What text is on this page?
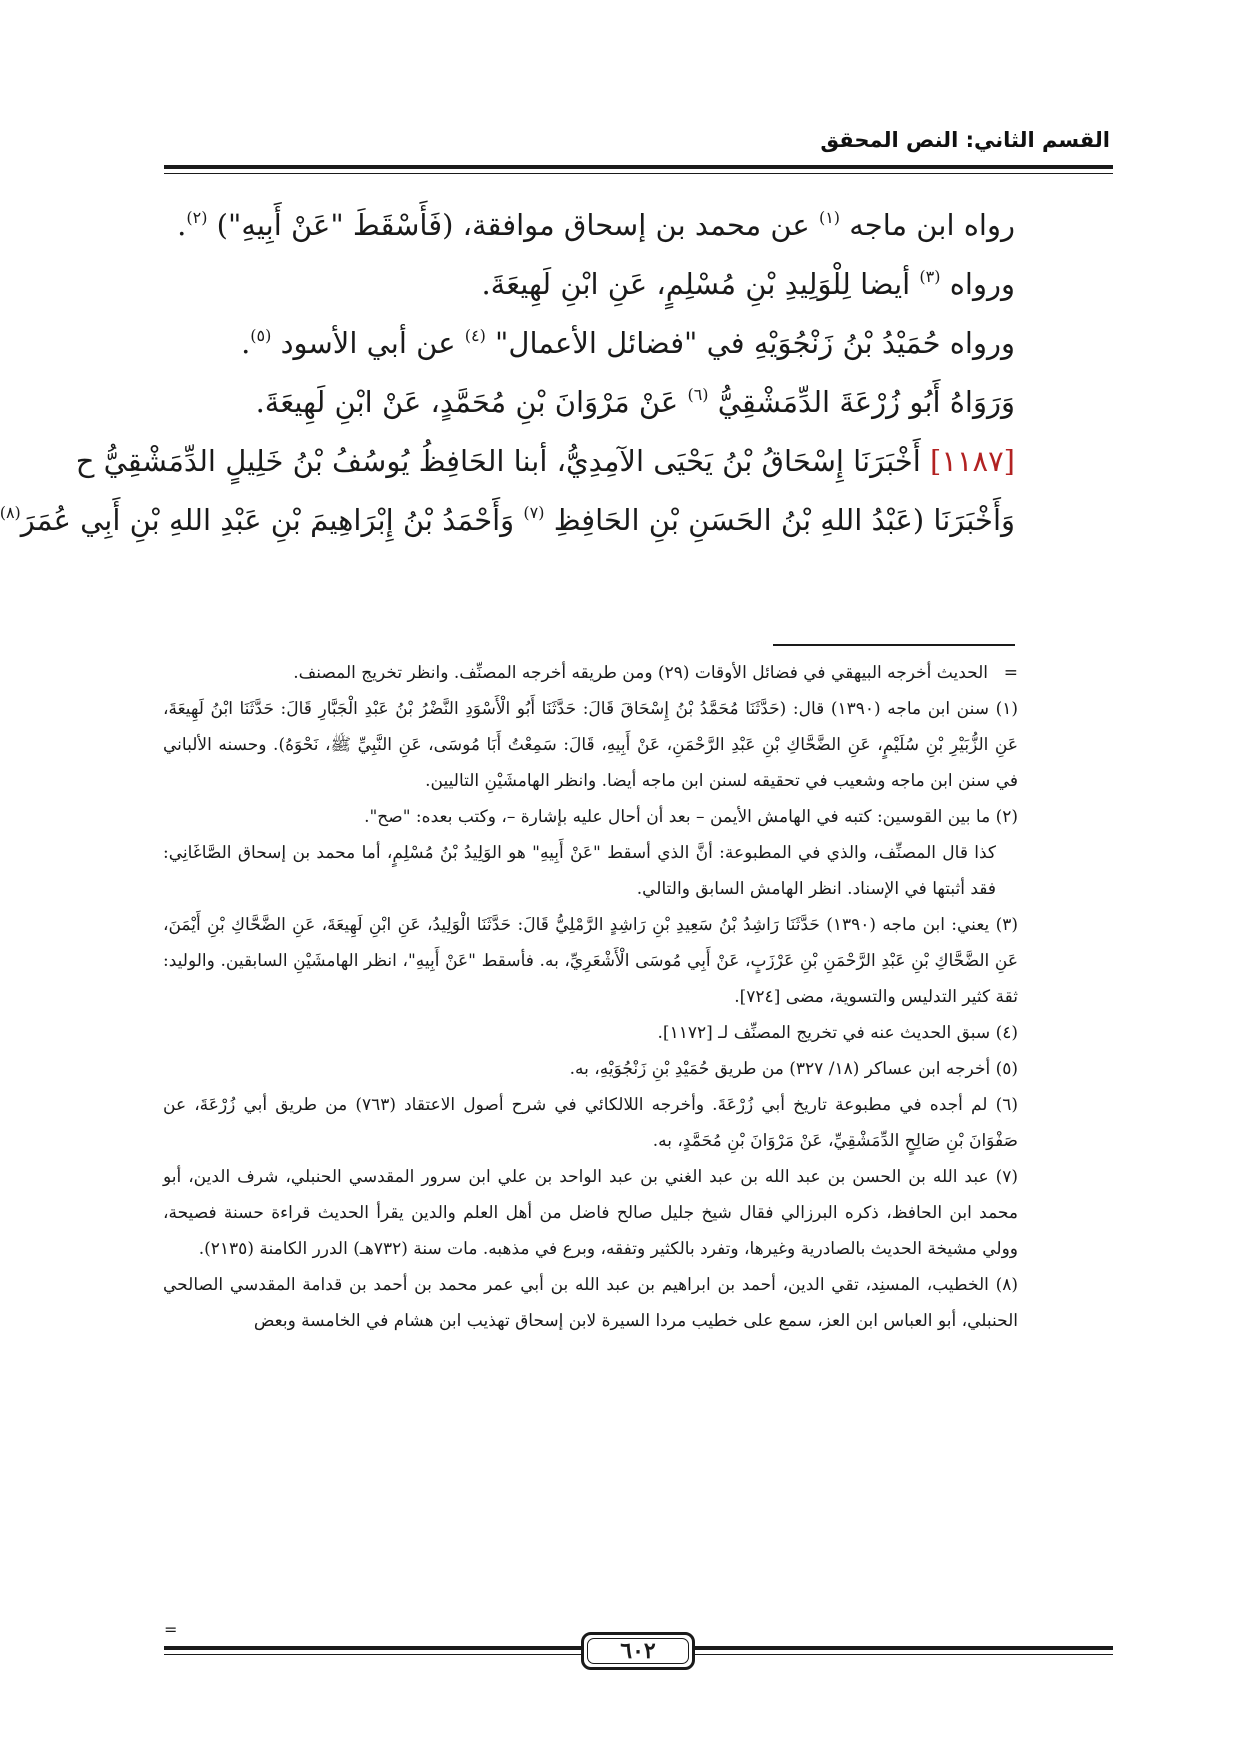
القسم الثاني: النص المحقق
رواه ابن ماجه $^{(١)}$ عن محمد بن إسحاق موافقة، (فَأَسْقَطَ "عَنْ أَبِيهِ") $^{(٢)}$.
ورواه $^{(٣)}$ أيضا لِلْوَلِيدِ بْنِ مُسْلِمٍ، عَنِ ابْنِ لَهِيعَةَ.
ورواه حُمَيْدُ بْنُ زَنْجُوَيْهِ في "فضائل الأعمال" $^{(٤)}$ عن أبي الأسود $^{(٥)}$.
وَرَوَاهُ أَبُو زُرْعَةَ الدِّمَشْقِيُّ $^{(٦)}$ عَنْ مَرْوَانَ بْنِ مُحَمَّدٍ، عَنْ ابْنِ لَهِيعَةَ.
[١١٨٧] أَخْبَرَنَا إِسْحَاقُ بْنُ يَحْيَى الآمِدِيُّ، أبنا الحَافِظُ يُوسُفُ بْنُ خَلِيلٍ الدِّمَشْقِيُّ ح
وَأَخْبَرَنَا (عَبْدُ اللهِ بْنُ الحَسَنِ بْنِ الحَافِظِ $^{(٧)}$ وَأَحْمَدُ بْنُ إِبْرَاهِيمَ بْنِ عَبْدِ اللهِ بْنِ أَبِي عُمَرَ$^{(٨)}$

=الحديث أخرجه البيهقي في فضائل الأوقات (٢٩) ومن طريقه أخرجه المصنِّف. وانظر تخريج المصنف.

(١) سنن ابن ماجه (١٣٩٠) قال: (حَدَّثَنَا مُحَمَّدُ بْنُ إِسْحَاقَ قَالَ: حَدَّثَنَا أَبُو الْأَسْوَدِ النَّضْرُ بْنُ عَبْدِ الْجَبَّارِ قَالَ: حَدَّثَنَا ابْنُ لَهِيعَةَ، عَنِ الزُّبَيْرِ بْنِ سُلَيْمٍ، عَنِ الضَّحَّاكِ بْنِ عَبْدِ الرَّحْمَنِ، عَنْ أَبِيهِ، قَالَ: سَمِعْتُ أَبَا مُوسَى، عَنِ النَّبِيِّ ﷺ، نَحْوَهُ). وحسنه الألباني في سنن ابن ماجه وشعيب في تحقيقه لسنن ابن ماجه أيضا. وانظر الهامشَيْنِ التاليين.

(٢) ما بين القوسين: كتبه في الهامش الأيمن – بعد أن أحال عليه بإشارة –، وكتب بعده: "صح".

كذا قال المصنِّف، والذي في المطبوعة: أنَّ الذي أسقط "عَنْ أَبِيهِ" هو الوَلِيدُ بْنُ مُسْلِمٍ، أما محمد بن إسحاق الصَّاغَانِي: فقد أثبتها في الإسناد. انظر الهامش السابق والتالي.

(٣) يعني: ابن ماجه (١٣٩٠) حَدَّثَنَا رَاشِدُ بْنُ سَعِيدِ بْنِ رَاشِدٍ الرَّمْلِيُّ قَالَ: حَدَّثَنَا الْوَلِيدُ، عَنِ ابْنِ لَهِيعَةَ، عَنِ الضَّحَّاكِ بْنِ أَيْمَنَ، عَنِ الضَّحَّاكِ بْنِ عَبْدِ الرَّحْمَنِ بْنِ عَرْزَبٍ، عَنْ أَبِي مُوسَى الْأَشْعَرِيِّ، به. فأسقط "عَنْ أَبِيهِ"، انظر الهامشَيْنِ السابقين. والوليد: ثقة كثير التدليس والتسوية، مضى [٧٢٤].

(٤) سبق الحديث عنه في تخريج المصنِّف لـ [١١٧٢].

(٥) أخرجه ابن عساكر (١٨/ ٣٢٧) من طريق حُمَيْدِ بْنِ زَنْجُوَيْهِ، به.

(٦) لم أجده في مطبوعة تاريخ أبي زُرْعَةَ. وأخرجه اللالكائي في شرح أصول الاعتقاد (٧٦٣) من طريق أبي زُرْعَةَ، عن صَفْوَانَ بْنِ صَالِحٍ الدِّمَشْقِيِّ، عَنْ مَرْوَانَ بْنِ مُحَمَّدٍ، به.

(٧) عبد الله بن الحسن بن عبد الله بن عبد الغني بن عبد الواحد بن علي ابن سرور المقدسي الحنبلي، شرف الدين، أبو محمد ابن الحافظ، ذكره البرزالي فقال شيخ جليل صالح فاضل من أهل العلم والدين يقرأ الحديث قراءة حسنة فصيحة، وولي مشيخة الحديث بالصادرية وغيرها، وتفرد بالكثير وتفقه، وبرع في مذهبه. مات سنة (٧٣٢هـ) الدرر الكامنة (٢١٣٥).

(٨) الخطيب، المسنِد، تقي الدين، أحمد بن ابراهيم بن عبد الله بن أبي عمر محمد بن أحمد بن قدامة المقدسي الصالحي الحنبلي، أبو العباس ابن العز، سمع على خطيب مردا السيرة لابن إسحاق تهذيب ابن هشام في الخامسة وبعض

=
٦٠٢
